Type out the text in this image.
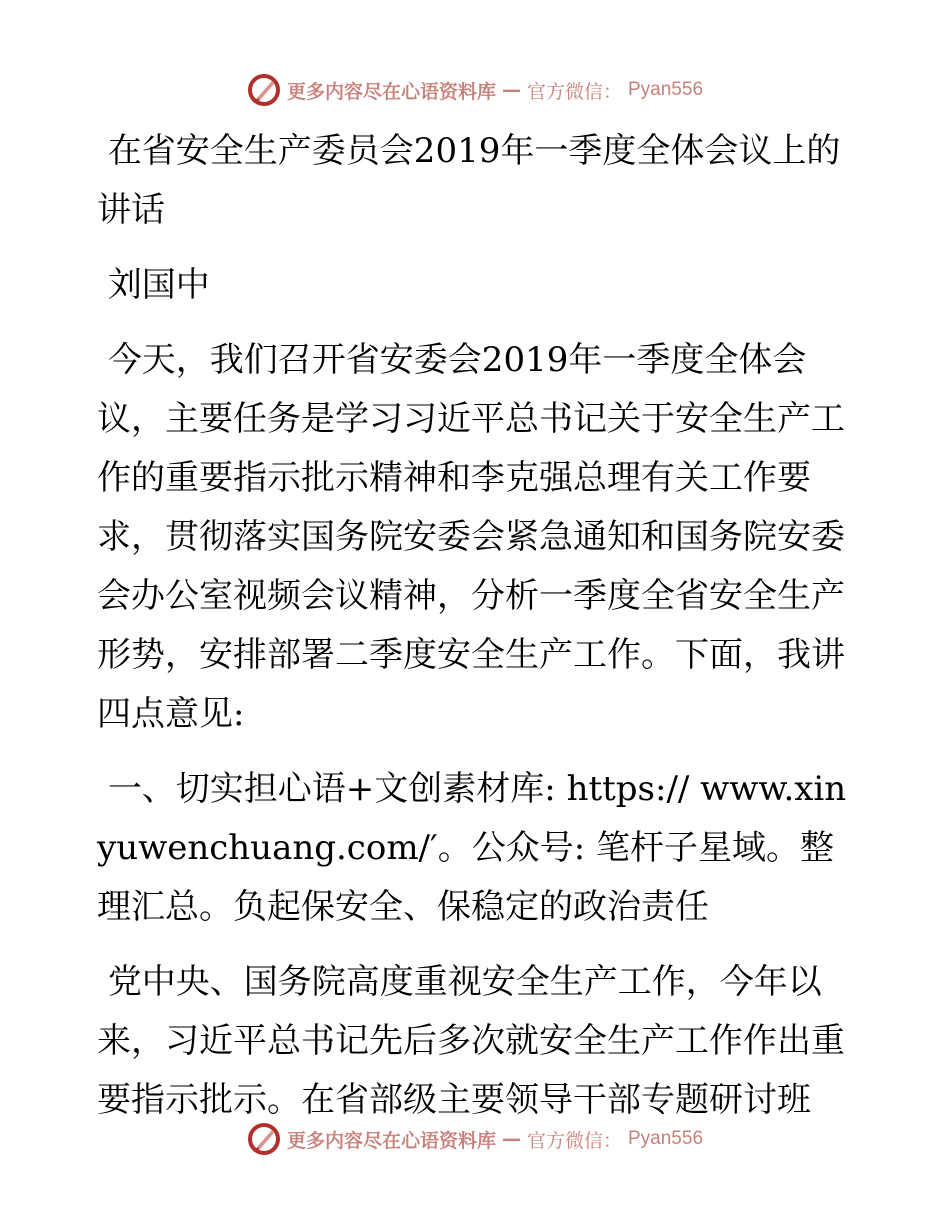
更多内容尽在心语资料库 — 官方微信： Pyan556

在省安全生产委员会2019年一季度全体会议上的讲话

刘国中

今天，我们召开省安委会2019年一季度全体会议，主要任务是学习习近平总书记关于安全生产工作的重要指示批示精神和李克强总理有关工作要求，贯彻落实国务院安委会紧急通知和国务院安委会办公室视频会议精神，分析一季度全省安全生产形势，安排部署二季度安全生产工作。下面，我讲四点意见:

一、切实担心语+文创素材库: https:// www.xinyuwenchuang.com/′。公众号: 笔杆子星域。整理汇总。负起保安全、保稳定的政治责任

党中央、国务院高度重视安全生产工作，今年以来，习近平总书记先后多次就安全生产工作作出重要指示批示。在省部级主要领导干部专题研讨班

更多内容尽在心语资料库 — 官方微信： Pyan556
